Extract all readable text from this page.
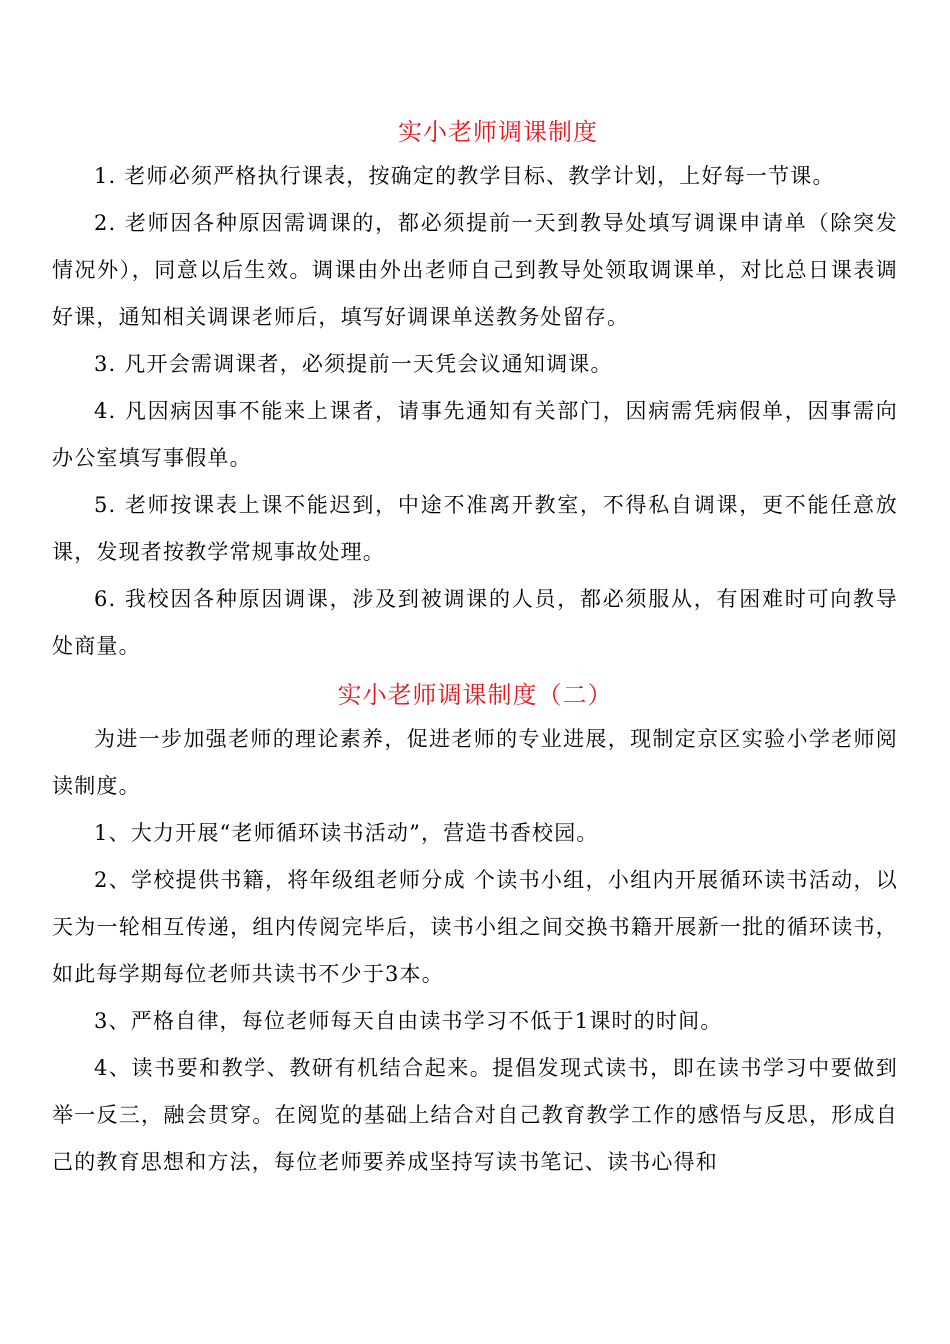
实小老师调课制度

1. 老师必须严格执行课表，按确定的教学目标、教学计划，上好每一节课。

2. 老师因各种原因需调课的，都必须提前一天到教导处填写调课申请单（除突发情况外），同意以后生效。调课由外出老师自己到教导处领取调课单，对比总日课表调好课，通知相关调课老师后，填写好调课单送教务处留存。

3. 凡开会需调课者，必须提前一天凭会议通知调课。

4. 凡因病因事不能来上课者，请事先通知有关部门，因病需凭病假单，因事需向办公室填写事假单。

5. 老师按课表上课不能迟到，中途不准离开教室，不得私自调课，更不能任意放课，发现者按教学常规事故处理。

6. 我校因各种原因调课，涉及到被调课的人员，都必须服从，有困难时可向教导处商量。

实小老师调课制度（二）

为进一步加强老师的理论素养，促进老师的专业进展，现制定京区实验小学老师阅读制度。

1、大力开展“老师循环读书活动”，营造书香校园。

2、学校提供书籍，将年级组老师分成 个读书小组，小组内开展循环读书活动，以 天为一轮相互传递，组内传阅完毕后，读书小组之间交换书籍开展新一批的循环读书，如此每学期每位老师共读书不少于3本。

3、严格自律，每位老师每天自由读书学习不低于1课时的时间。

4、读书要和教学、教研有机结合起来。提倡发现式读书，即在读书学习中要做到举一反三，融会贯穿。在阅览的基础上结合对自己教育教学工作的感悟与反思，形成自己的教育思想和方法，每位老师要养成坚持写读书笔记、读书心得和
